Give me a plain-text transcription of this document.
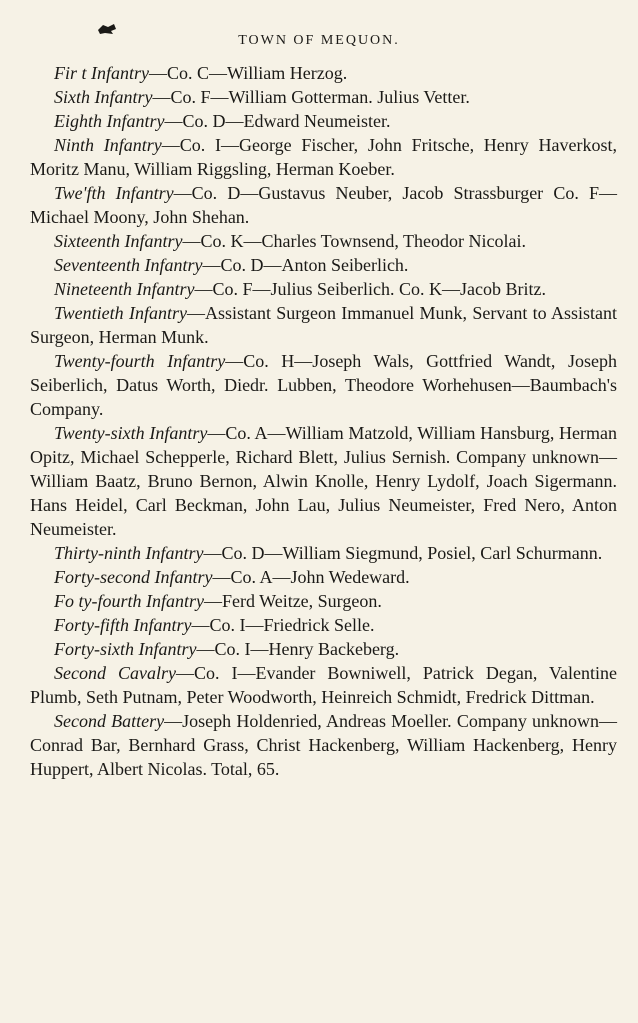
TOWN OF MEQUON.

Fir t Infantry—Co. C—William Herzog.

Sixth Infantry—Co. F—William Gotterman. Julius Vetter.

Eighth Infantry—Co. D—Edward Neumeister.

Ninth Infantry—Co. I—George Fischer, John Fritsche, Henry Haverkost, Moritz Manu, William Riggsling, Herman Koeber.

Twe'fth Infantry—Co. D—Gustavus Neuber, Jacob Strassburger Co. F—Michael Moony, John Shehan.

Sixteenth Infantry—Co. K—Charles Townsend, Theodor Nicolai.

Seventeenth Infantry—Co. D—Anton Seiberlich.

Nineteenth Infantry—Co. F—Julius Seiberlich. Co. K—Jacob Britz.

Twentieth Infantry—Assistant Surgeon Immanuel Munk, Servant to Assistant Surgeon, Herman Munk.

Twenty-fourth Infantry—Co. H—Joseph Wals, Gottfried Wandt, Joseph Seiberlich, Datus Worth, Diedr. Lubben, Theodore Worhehusen—Baumbach's Company.

Twenty-sixth Infantry—Co. A—William Matzold, William Hansburg, Herman Opitz, Michael Schepperle, Richard Blett, Julius Sernish. Company unknown—William Baatz, Bruno Bernon, Alwin Knolle, Henry Lydolf, Joach Sigermann. Hans Heidel, Carl Beckman, John Lau, Julius Neumeister, Fred Nero, Anton Neumeister.

Thirty-ninth Infantry—Co. D—William Siegmund, Posiel, Carl Schurmann.

Forty-second Infantry—Co. A—John Wedeward.

Fo ty-fourth Infantry—Ferd Weitze, Surgeon.

Forty-fifth Infantry—Co. I—Friedrick Selle.

Forty-sixth Infantry—Co. I—Henry Backeberg.

Second Cavalry—Co. I—Evander Bowniwell, Patrick Degan, Valentine Plumb, Seth Putnam, Peter Woodworth, Heinreich Schmidt, Fredrick Dittman.

Second Battery—Joseph Holdenried, Andreas Moeller. Company unknown—Conrad Bar, Bernhard Grass, Christ Hackenberg, William Hackenberg, Henry Huppert, Albert Nicolas. Total, 65.
